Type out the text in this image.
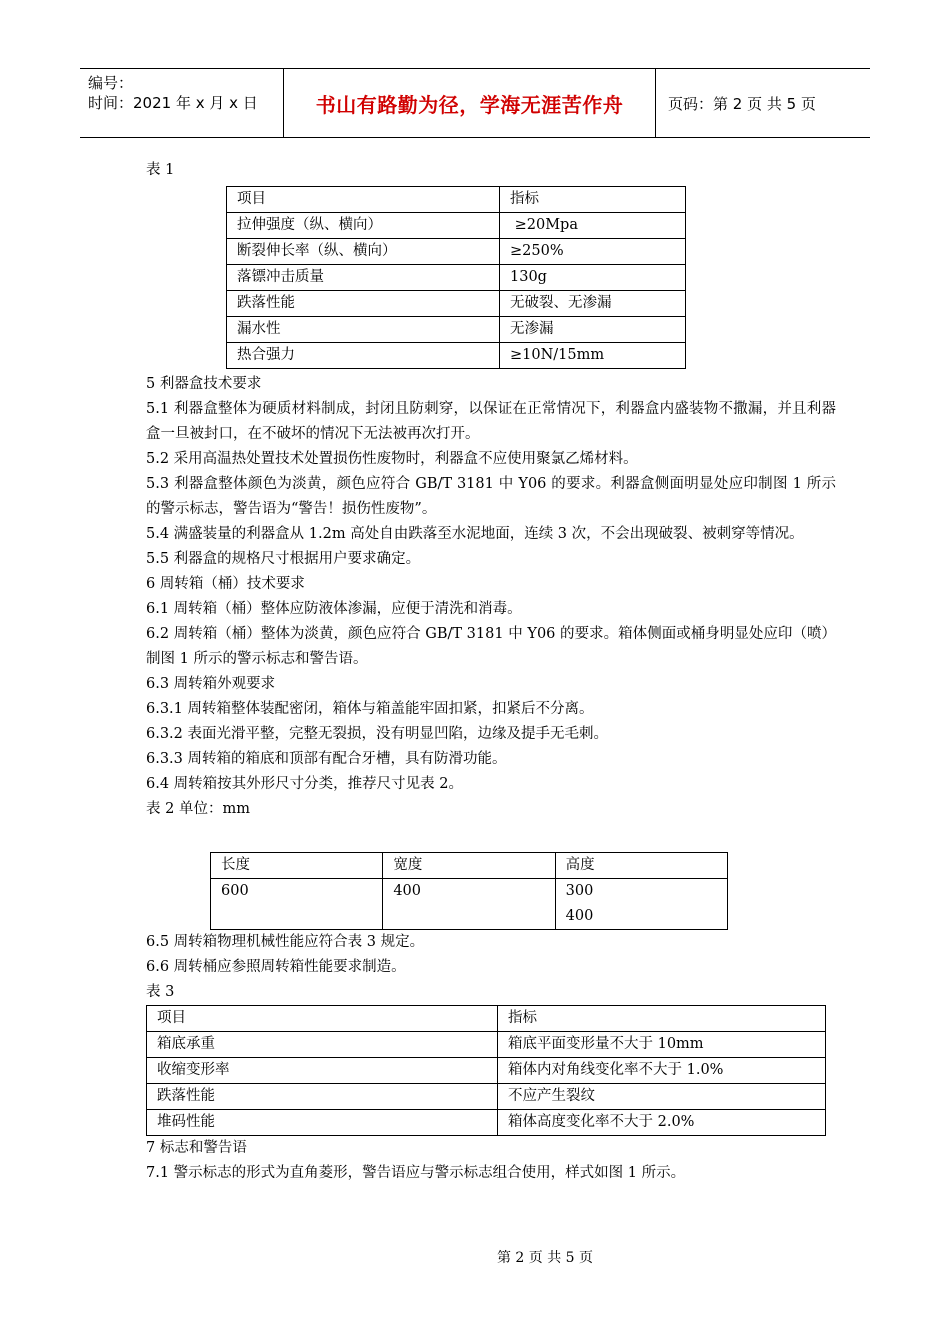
编号：
时间：2021 年 x 月 x 日	书山有路勤为径，学海无涯苦作舟	页码：第 2 页 共 5 页

表 1

项目	指标
拉伸强度（纵、横向）	≥20Mpa
断裂伸长率（纵、横向）	≥250%
落镖冲击质量	130g
跌落性能	无破裂、无渗漏
漏水性	无渗漏
热合强力	≥10N/15mm

5 利器盒技术要求

5.1 利器盒整体为硬质材料制成，封闭且防刺穿，以保证在正常情况下，利器盒内盛装物不撒漏，并且利器盒一旦被封口，在不破坏的情况下无法被再次打开。

5.2 采用高温热处置技术处置损伤性废物时，利器盒不应使用聚氯乙烯材料。

5.3 利器盒整体颜色为淡黄，颜色应符合 GB/T 3181 中 Y06 的要求。利器盒侧面明显处应印制图 1 所示的警示标志，警告语为“警告！损伤性废物”。

5.4 满盛装量的利器盒从 1.2m 高处自由跌落至水泥地面，连续 3 次，不会出现破裂、被刺穿等情况。

5.5 利器盒的规格尺寸根据用户要求确定。

6 周转箱（桶）技术要求

6.1 周转箱（桶）整体应防液体渗漏，应便于清洗和消毒。

6.2 周转箱（桶）整体为淡黄，颜色应符合 GB/T 3181 中 Y06 的要求。箱体侧面或桶身明显处应印（喷）制图 1 所示的警示标志和警告语。

6.3 周转箱外观要求

6.3.1 周转箱整体装配密闭，箱体与箱盖能牢固扣紧，扣紧后不分离。

6.3.2 表面光滑平整，完整无裂损，没有明显凹陷，边缘及提手无毛刺。

6.3.3 周转箱的箱底和顶部有配合牙槽，具有防滑功能。

6.4 周转箱按其外形尺寸分类，推荐尺寸见表 2。

表 2 单位：mm

长度	宽度	高度
600	400	300
		400

6.5 周转箱物理机械性能应符合表 3 规定。

6.6 周转桶应参照周转箱性能要求制造。

表 3

项目	指标
箱底承重	箱底平面变形量不大于 10mm
收缩变形率	箱体内对角线变化率不大于 1.0%
跌落性能	不应产生裂纹
堆码性能	箱体高度变化率不大于 2.0%

7 标志和警告语

7.1 警示标志的形式为直角菱形，警告语应与警示标志组合使用，样式如图 1 所示。

第 2 页 共 5 页
